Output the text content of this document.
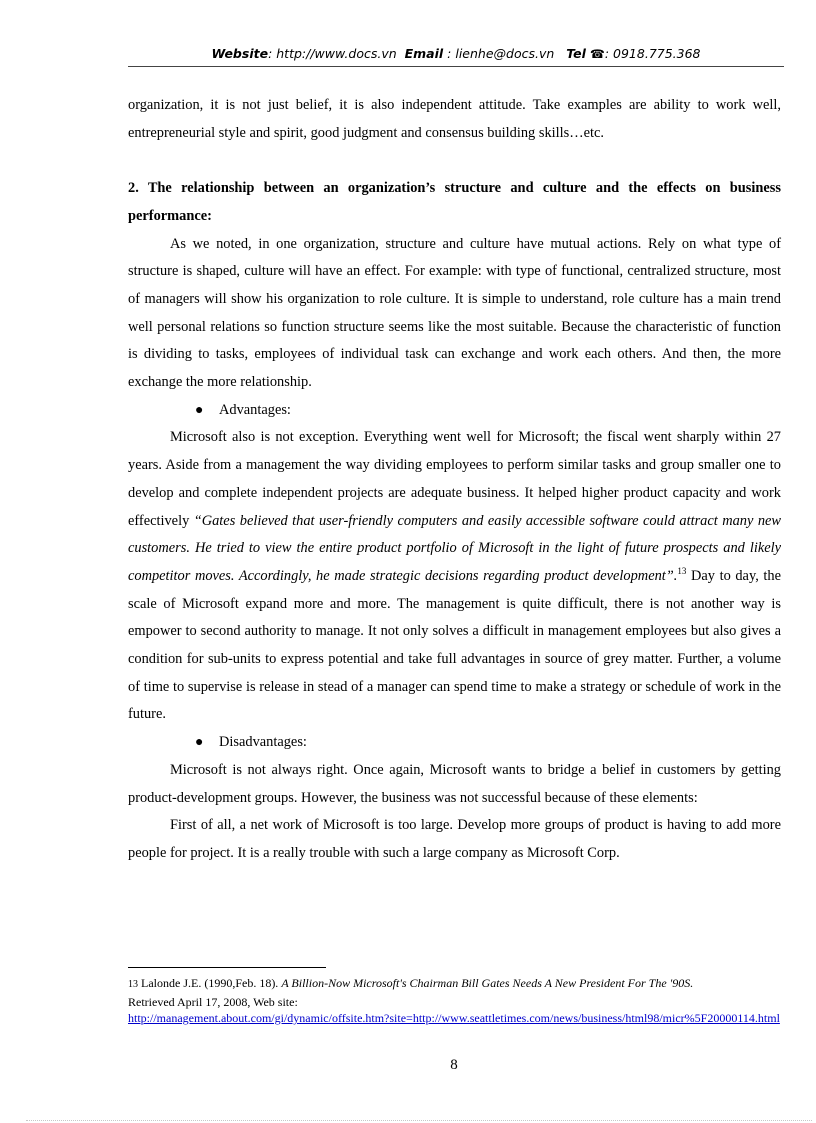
Website: http://www.docs.vn Email : lienhe@docs.vn Tel ☎: 0918.775.368

organization, it is not just belief, it is also independent attitude. Take examples are ability to work well, entrepreneurial style and spirit, good judgment and consensus building skills…etc.

2. The relationship between an organization’s structure and culture and the effects on business performance:

As we noted, in one organization, structure and culture have mutual actions. Rely on what type of structure is shaped, culture will have an effect. For example: with type of functional, centralized structure, most of managers will show his organization to role culture. It is simple to understand, role culture has a main trend well personal relations so function structure seems like the most suitable. Because the characteristic of function is dividing to tasks, employees of individual task can exchange and work each others. And then, the more exchange the more relationship.

● Advantages:

Microsoft also is not exception. Everything went well for Microsoft; the fiscal went sharply within 27 years. Aside from a management the way dividing employees to perform similar tasks and group smaller one to develop and complete independent projects are adequate business. It helped higher product capacity and work effectively “Gates believed that user-friendly computers and easily accessible software could attract many new customers. He tried to view the entire product portfolio of Microsoft in the light of future prospects and likely competitor moves. Accordingly, he made strategic decisions regarding product development”.$^{13}$ Day to day, the scale of Microsoft expand more and more. The management is quite difficult, there is not another way is empower to second authority to manage. It not only solves a difficult in management employees but also gives a condition for sub-units to express potential and take full advantages in source of grey matter. Further, a volume of time to supervise is release in stead of a manager can spend time to make a strategy or schedule of work in the future.

● Disadvantages:

Microsoft is not always right. Once again, Microsoft wants to bridge a belief in customers by getting product-development groups. However, the business was not successful because of these elements:

First of all, a net work of Microsoft is too large. Develop more groups of product is having to add more people for project. It is a really trouble with such a large company as Microsoft Corp.

13 Lalonde J.E. (1990,Feb. 18). A Billion-Now Microsoft's Chairman Bill Gates Needs A New President For The '90S.

Retrieved April 17, 2008, Web site:

http://management.about.com/gi/dynamic/offsite.htm?site=http://www.seattletimes.com/news/business/html98/micr%5F20000114.html

8
